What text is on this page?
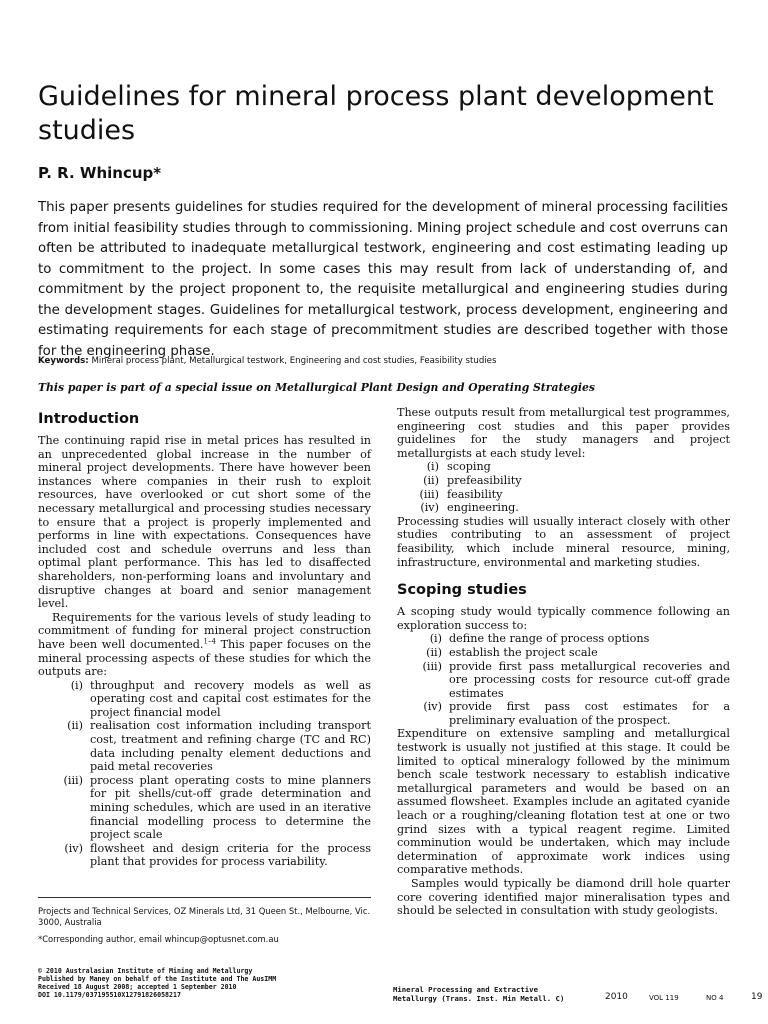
Guidelines for mineral process plant development studies
P. R. Whincup*

This paper presents guidelines for studies required for the development of mineral processing facilities from initial feasibility studies through to commissioning. Mining project schedule and cost overruns can often be attributed to inadequate metallurgical testwork, engineering and cost estimating leading up to commitment to the project. In some cases this may result from lack of understanding of, and commitment by the project proponent to, the requisite metallurgical and engineering studies during the development stages. Guidelines for metallurgical testwork, process development, engineering and estimating requirements for each stage of precommitment studies are described together with those for the engineering phase.

Keywords: Mineral process plant, Metallurgical testwork, Engineering and cost studies, Feasibility studies
This paper is part of a special issue on Metallurgical Plant Design and Operating Strategies
Introduction

The continuing rapid rise in metal prices has resulted in an unprecedented global increase in the number of mineral project developments. There have however been instances where companies in their rush to exploit resources, have overlooked or cut short some of the necessary metallurgical and processing studies necessary to ensure that a project is properly implemented and performs in line with expectations. Consequences have included cost and schedule overruns and less than optimal plant performance. This has led to disaffected shareholders, non-performing loans and involuntary and disruptive changes at board and senior management level.

Requirements for the various levels of study leading to commitment of funding for mineral project construction have been well documented.$^{1-4}$ This paper focuses on the mineral processing aspects of these studies for which the outputs are:

(i) throughput and recovery models as well as operating cost and capital cost estimates for the project financial model
(ii) realisation cost information including transport cost, treatment and refining charge (TC and RC) data including penalty element deductions and paid metal recoveries
(iii) process plant operating costs to mine planners for pit shells/cut-off grade determination and mining schedules, which are used in an iterative financial modelling process to determine the project scale
(iv) flowsheet and design criteria for the process plant that provides for process variability.

These outputs result from metallurgical test programmes, engineering cost studies and this paper provides guidelines for the study managers and project metallurgists at each study level:

(i) scoping
(ii) prefeasibility
(iii) feasibility
(iv) engineering.

Processing studies will usually interact closely with other studies contributing to an assessment of project feasibility, which include mineral resource, mining, infrastructure, environmental and marketing studies.

Scoping studies

A scoping study would typically commence following an exploration success to:

(i) define the range of process options
(ii) establish the project scale
(iii) provide first pass metallurgical recoveries and ore processing costs for resource cut-off grade estimates
(iv) provide first pass cost estimates for a preliminary evaluation of the prospect.

Expenditure on extensive sampling and metallurgical testwork is usually not justified at this stage. It could be limited to optical mineralogy followed by the minimum bench scale testwork necessary to establish indicative metallurgical parameters and would be based on an assumed flowsheet. Examples include an agitated cyanide leach or a roughing/cleaning flotation test at one or two grind sizes with a typical reagent regime. Limited comminution would be undertaken, which may include determination of approximate work indices using comparative methods.

Samples would typically be diamond drill hole quarter core covering identified major mineralisation types and should be selected in consultation with study geologists.

Projects and Technical Services, OZ Minerals Ltd, 31 Queen St., Melbourne, Vic. 3000, Australia

*Corresponding author, email whincup@optusnet.com.au

© 2010 Australasian Institute of Mining and Metallurgy
Published by Maney on behalf of the Institute and The AusIMM
Received 18 August 2008; accepted 1 September 2010
DOI 10.1179/037195510X12791826058217
Mineral Processing and Extractive
Metallurgy (Trans. Inst. Min Metall. C)	2010	VOL 119	NO 4	19
